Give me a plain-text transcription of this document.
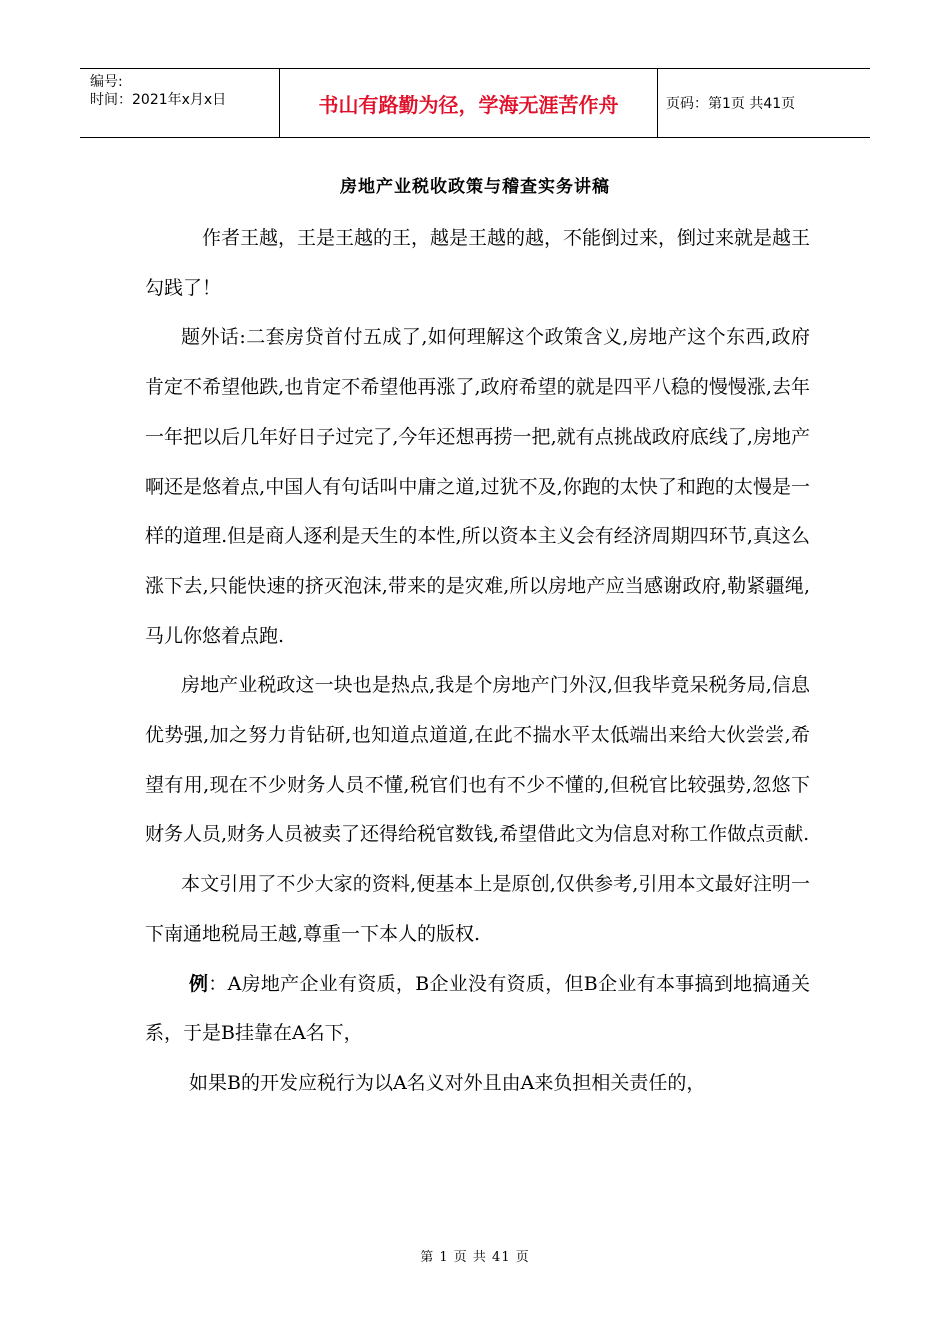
编号:
时间：2021年x月x日	书山有路勤为径，学海无涯苦作舟	页码：第1页 共41页
房地产业税收政策与稽查实务讲稿

作者王越，王是王越的王，越是王越的越，不能倒过来，倒过来就是越王勾践了！

题外话:二套房贷首付五成了,如何理解这个政策含义,房地产这个东西,政府肯定不希望他跌,也肯定不希望他再涨了,政府希望的就是四平八稳的慢慢涨,去年一年把以后几年好日子过完了,今年还想再捞一把,就有点挑战政府底线了,房地产啊还是悠着点,中国人有句话叫中庸之道,过犹不及,你跑的太快了和跑的太慢是一样的道理.但是商人逐利是天生的本性,所以资本主义会有经济周期四环节,真这么涨下去,只能快速的挤灭泡沫,带来的是灾难,所以房地产应当感谢政府,勒紧疆绳,马儿你悠着点跑.

房地产业税政这一块也是热点,我是个房地产门外汉,但我毕竟呆税务局,信息优势强,加之努力肯钻研,也知道点道道,在此不揣水平太低端出来给大伙尝尝,希望有用,现在不少财务人员不懂,税官们也有不少不懂的,但税官比较强势,忽悠下财务人员,财务人员被卖了还得给税官数钱,希望借此文为信息对称工作做点贡献.

本文引用了不少大家的资料,便基本上是原创,仅供参考,引用本文最好注明一下南通地税局王越,尊重一下本人的版权.

例：A房地产企业有资质，B企业没有资质，但B企业有本事搞到地搞通关系，于是B挂靠在A名下，

如果B的开发应税行为以A名义对外且由A来负担相关责任的，

第 1 页 共 41 页
